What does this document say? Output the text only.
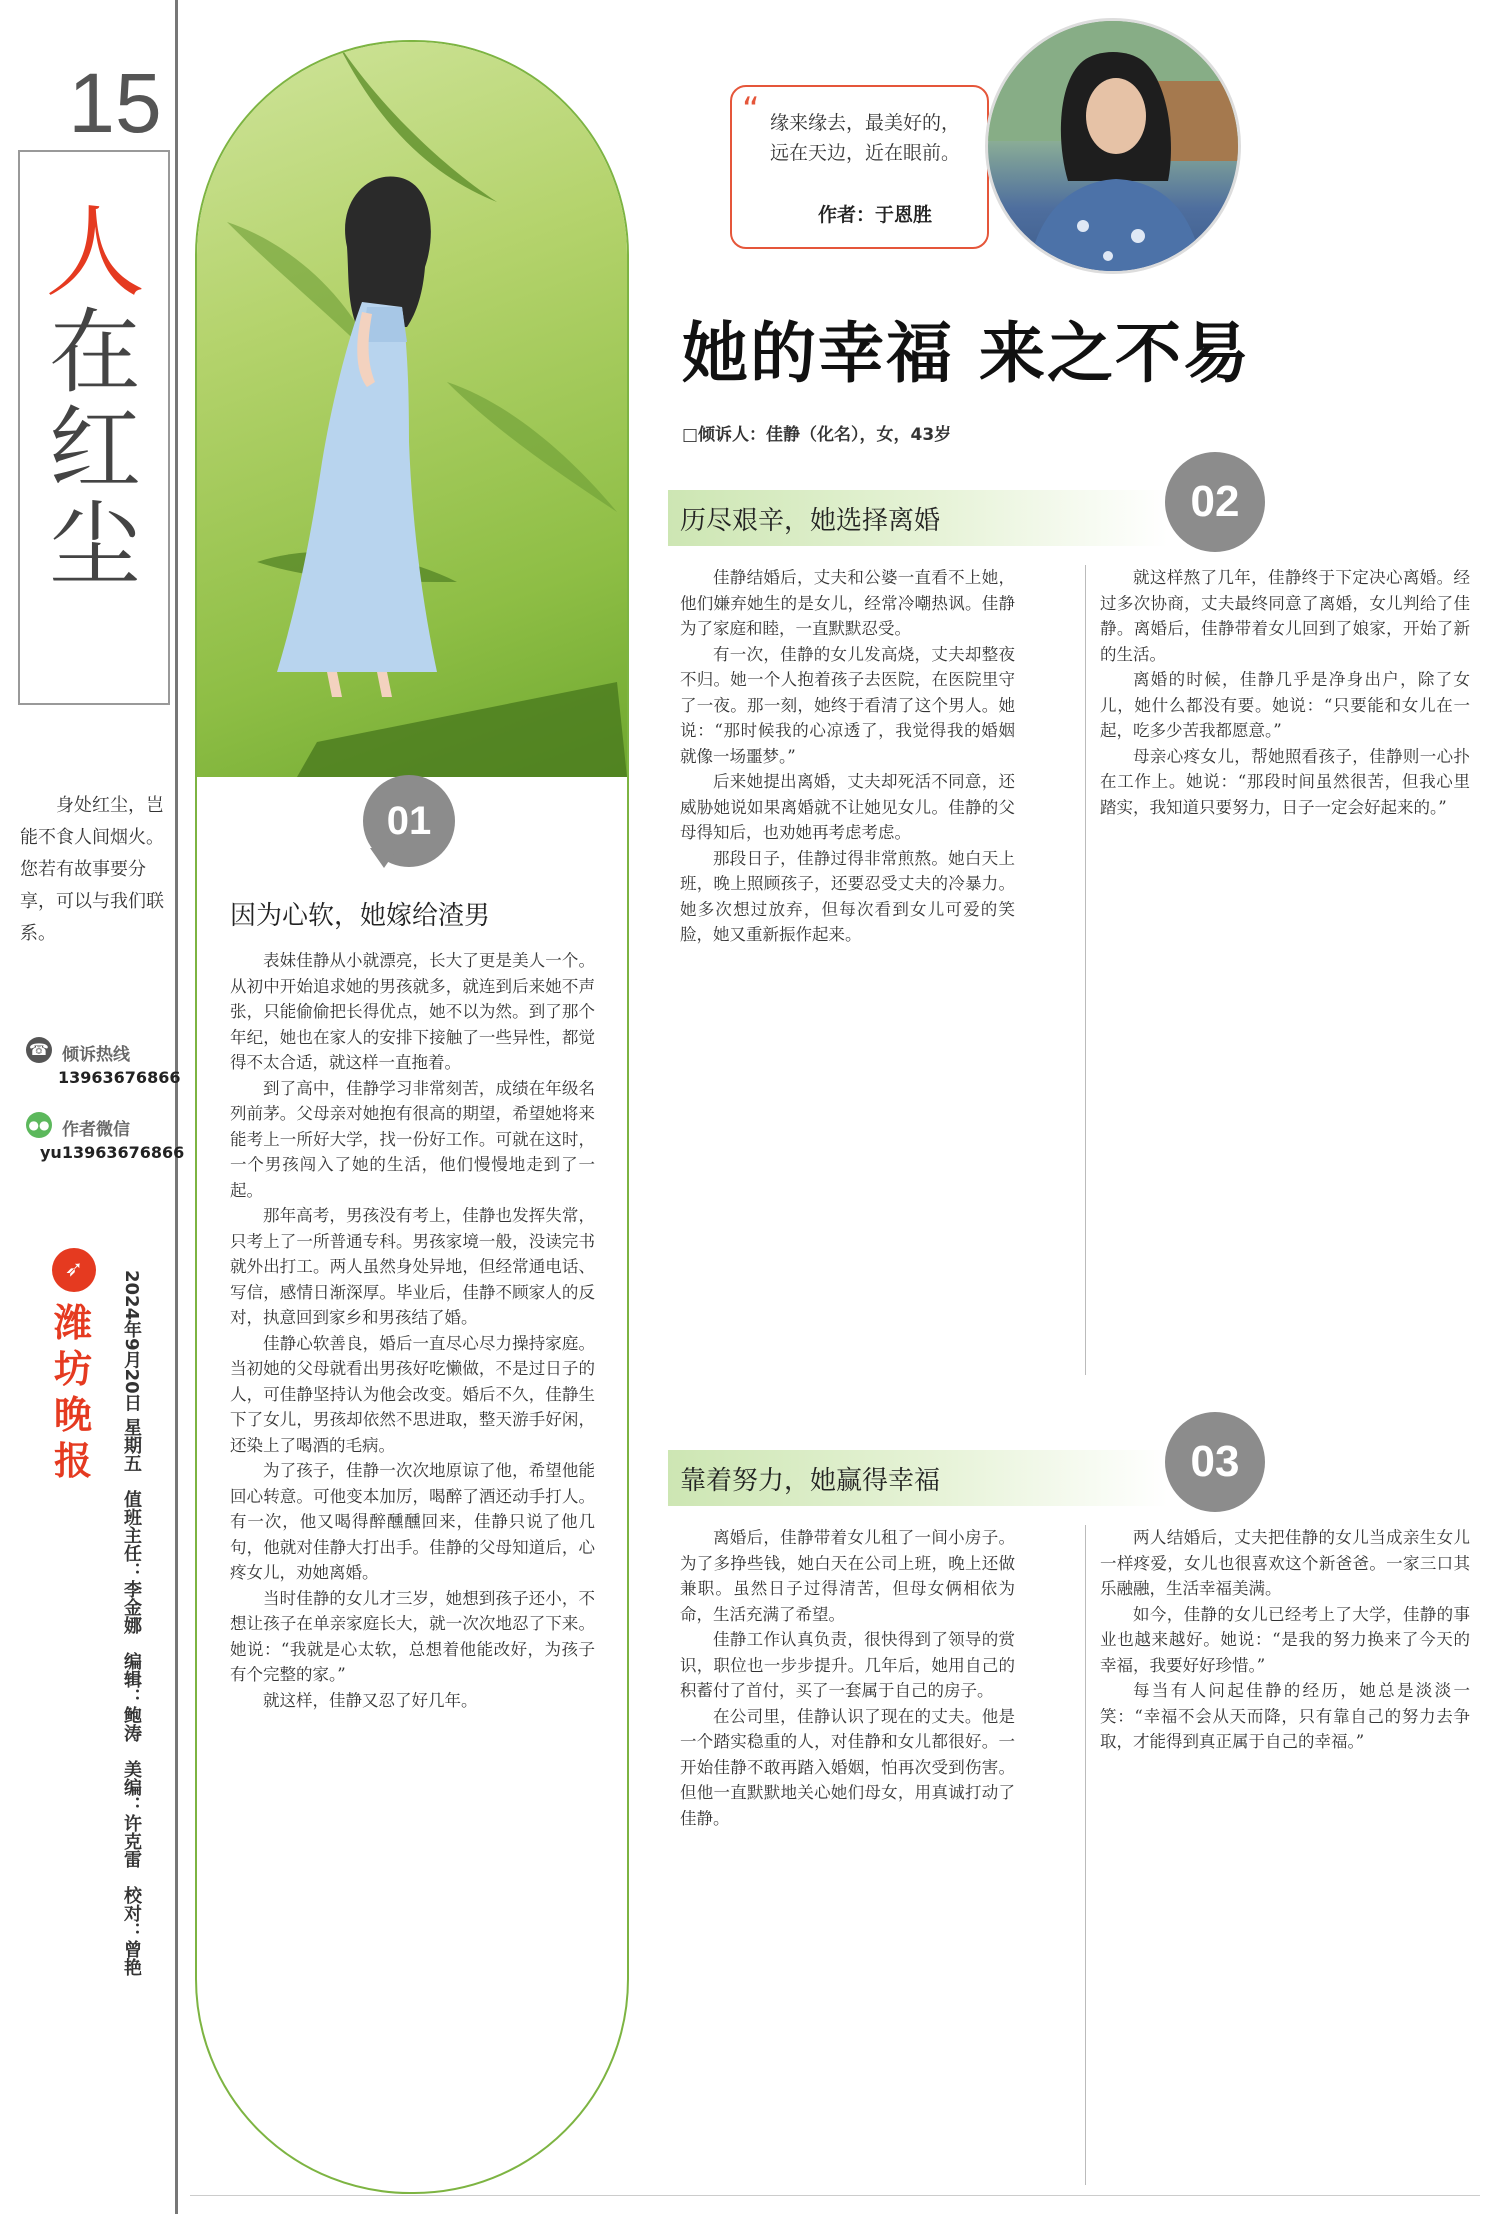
15
人
在
红
尘
身处红尘，岂能不食人间烟火。您若有故事要分享，可以与我们联系。
☎ 倾诉热线
13963676866
●● 作者微信
yu13963676866
➶
潍
坊
晚
报	2024年9月20日 星期五　值班主任：李金娜　编辑：鲍涛　美编：许克雷　校对：曾艳
01
因为心软，她嫁给渣男

表妹佳静从小就漂亮，长大了更是美人一个。从初中开始追求她的男孩就多，就连到后来她不声张，只能偷偷把长得优点，她不以为然。到了那个年纪，她也在家人的安排下接触了一些异性，都觉得不太合适，就这样一直拖着。

到了高中，佳静学习非常刻苦，成绩在年级名列前茅。父母亲对她抱有很高的期望，希望她将来能考上一所好大学，找一份好工作。可就在这时，一个男孩闯入了她的生活，他们慢慢地走到了一起。

那年高考，男孩没有考上，佳静也发挥失常，只考上了一所普通专科。男孩家境一般，没读完书就外出打工。两人虽然身处异地，但经常通电话、写信，感情日渐深厚。毕业后，佳静不顾家人的反对，执意回到家乡和男孩结了婚。

佳静心软善良，婚后一直尽心尽力操持家庭。当初她的父母就看出男孩好吃懒做，不是过日子的人，可佳静坚持认为他会改变。婚后不久，佳静生下了女儿，男孩却依然不思进取，整天游手好闲，还染上了喝酒的毛病。

为了孩子，佳静一次次地原谅了他，希望他能回心转意。可他变本加厉，喝醉了酒还动手打人。有一次，他又喝得醉醺醺回来，佳静只说了他几句，他就对佳静大打出手。佳静的父母知道后，心疼女儿，劝她离婚。

当时佳静的女儿才三岁，她想到孩子还小，不想让孩子在单亲家庭长大，就一次次地忍了下来。她说：“我就是心太软，总想着他能改好，为孩子有个完整的家。”

就这样，佳静又忍了好几年。

“ 缘来缘去，最美好的，远在天边，近在眼前。
作者：于恩胜
她的幸福 来之不易
□倾诉人：佳静（化名），女，43岁
历尽艰辛，她选择离婚	02

佳静结婚后，丈夫和公婆一直看不上她，他们嫌弃她生的是女儿，经常冷嘲热讽。佳静为了家庭和睦，一直默默忍受。

有一次，佳静的女儿发高烧，丈夫却整夜不归。她一个人抱着孩子去医院，在医院里守了一夜。那一刻，她终于看清了这个男人。她说：“那时候我的心凉透了，我觉得我的婚姻就像一场噩梦。”

后来她提出离婚，丈夫却死活不同意，还威胁她说如果离婚就不让她见女儿。佳静的父母得知后，也劝她再考虑考虑。

那段日子，佳静过得非常煎熬。她白天上班，晚上照顾孩子，还要忍受丈夫的冷暴力。她多次想过放弃，但每次看到女儿可爱的笑脸，她又重新振作起来。

就这样熬了几年，佳静终于下定决心离婚。经过多次协商，丈夫最终同意了离婚，女儿判给了佳静。离婚后，佳静带着女儿回到了娘家，开始了新的生活。

离婚的时候，佳静几乎是净身出户，除了女儿，她什么都没有要。她说：“只要能和女儿在一起，吃多少苦我都愿意。”

母亲心疼女儿，帮她照看孩子，佳静则一心扑在工作上。她说：“那段时间虽然很苦，但我心里踏实，我知道只要努力，日子一定会好起来的。”

靠着努力，她赢得幸福	03

离婚后，佳静带着女儿租了一间小房子。为了多挣些钱，她白天在公司上班，晚上还做兼职。虽然日子过得清苦，但母女俩相依为命，生活充满了希望。

佳静工作认真负责，很快得到了领导的赏识，职位也一步步提升。几年后，她用自己的积蓄付了首付，买了一套属于自己的房子。

在公司里，佳静认识了现在的丈夫。他是一个踏实稳重的人，对佳静和女儿都很好。一开始佳静不敢再踏入婚姻，怕再次受到伤害。但他一直默默地关心她们母女，用真诚打动了佳静。

两人结婚后，丈夫把佳静的女儿当成亲生女儿一样疼爱，女儿也很喜欢这个新爸爸。一家三口其乐融融，生活幸福美满。

如今，佳静的女儿已经考上了大学，佳静的事业也越来越好。她说：“是我的努力换来了今天的幸福，我要好好珍惜。”

每当有人问起佳静的经历，她总是淡淡一笑：“幸福不会从天而降，只有靠自己的努力去争取，才能得到真正属于自己的幸福。”
